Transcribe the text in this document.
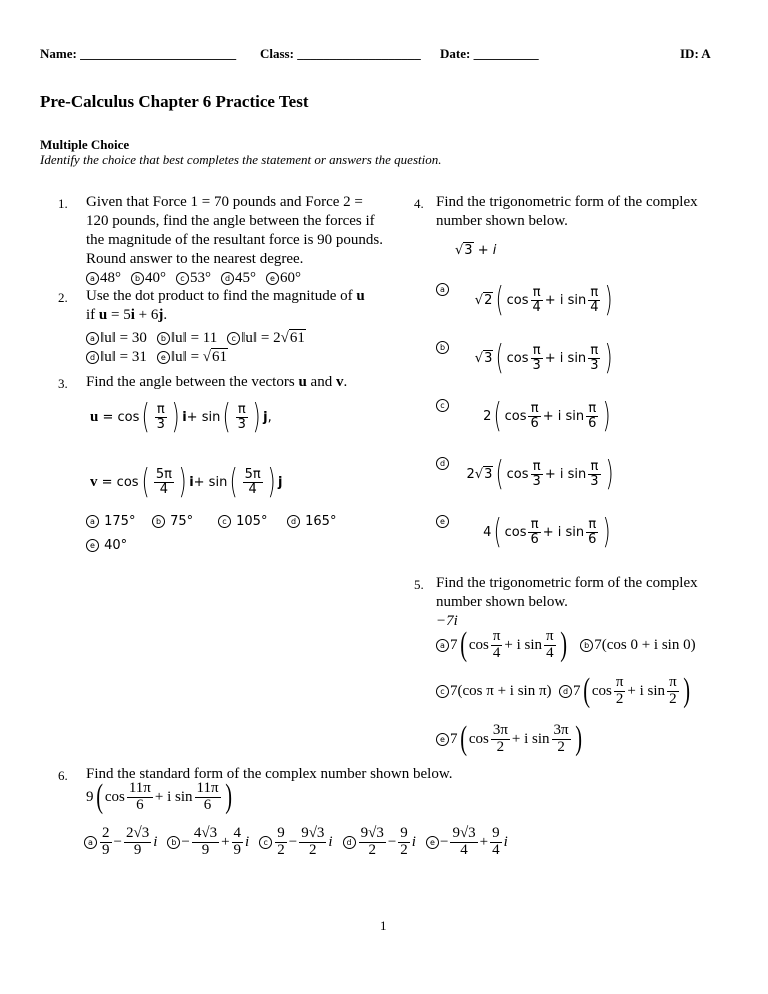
Name: ________________________ Class: ___________________ Date: __________	ID: A
Pre-Calculus Chapter 6 Practice Test
Multiple Choice
Identify the choice that best completes the statement or answers the question.
1. Given that Force 1 = 70 pounds and Force 2 = 120 pounds, find the angle between the forces if the magnitude of the resultant force is 90 pounds. Round answer to the nearest degree.
a 48° b 40° c 53° d 45° e 60°
2. Use the dot product to find the magnitude of u
if u = 5i + 6j.
a ‖u‖ = 30 b ‖u‖ = 11 c ‖u‖ = 2√61
d ‖u‖ = 31 e ‖u‖ = √61
3. Find the angle between the vectors u and v.
u
= cos ( $\frac{\pi}{3}$ ) i + sin ( $\frac{\pi}{3}$ ) j ,
v
= cos ( $\frac{5\pi}{4}$ ) i + sin ( $\frac{5\pi}{4}$ ) j
a 175°	b 75°	c 105°	d 165°
e 40°
4. Find the trigonometric form of the complex number shown below.
√3 + i
a

√ 2 ( $\cos \frac{\pi}{4} + i$ $\sin \frac{\pi}{4}$ )
b
√ 3 ( $\cos \frac{\pi}{3} + i$ $\sin \frac{\pi}{3}$ )
c

2 ( $\cos \frac{\pi}{6} + i$ $\sin \frac{\pi}{6}$ )
d

2 √ 3 ( $\cos \frac{\pi}{3} + i$ $\sin \frac{\pi}{3}$ )
e

4 ( $\cos \frac{\pi}{6} + i$ $\sin \frac{\pi}{6}$ )
5. Find the trigonometric form of the complex number shown below.
−7i
a 7 ( $\cos \frac{\pi}{4} + i$ $\sin \frac{\pi}{4}$ )
	b 7(cos 0 + i sin 0)
c 7(cos π + i sin π)
	d 7 ( $\cos \frac{\pi}{2} + i$ $\sin \frac{\pi}{2}$ )
e 7 ( $\cos \frac{3\pi}{2} + i$ $\sin \frac{3\pi}{2}$ )
6. Find the standard form of the complex number shown below.
9 ( $\cos \frac{11\pi}{6} + i$ $\sin \frac{11\pi}{6}$ )
a $\frac{2}{9} - \frac{2√3}{9}$ i	$b - \frac{4√3}{9} + \frac{4}{9}$ i	c $\frac{9}{2} - \frac{9√3}{2}$ i	d $\frac{9√3}{2} - \frac{9}{2}$ i	$e - \frac{9√3}{4} + \frac{9}{4}$ i
1
